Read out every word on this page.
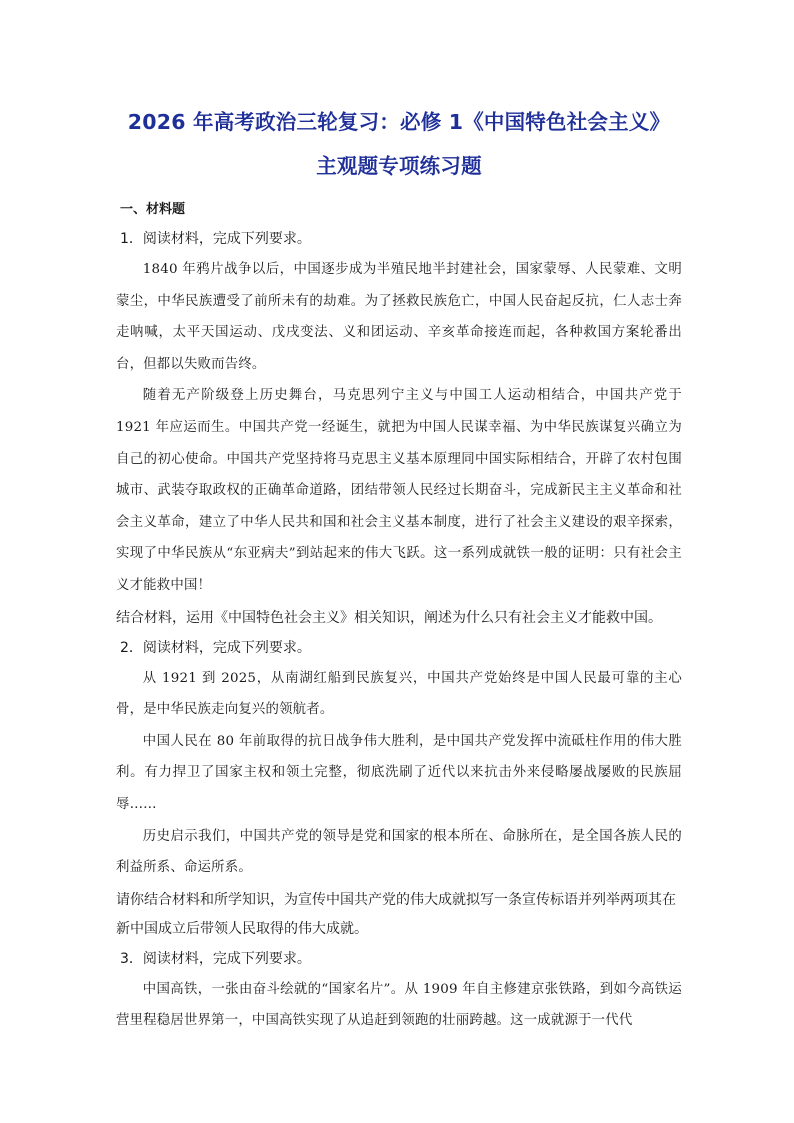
2026 年高考政治三轮复习：必修 1《中国特色社会主义》
主观题专项练习题
一、材料题
1．阅读材料，完成下列要求。

1840 年鸦片战争以后，中国逐步成为半殖民地半封建社会，国家蒙辱、人民蒙难、文明蒙尘，中华民族遭受了前所未有的劫难。为了拯救民族危亡，中国人民奋起反抗，仁人志士奔走呐喊，太平天国运动、戊戌变法、义和团运动、辛亥革命接连而起，各种救国方案轮番出台，但都以失败而告终。

随着无产阶级登上历史舞台，马克思列宁主义与中国工人运动相结合，中国共产党于 1921 年应运而生。中国共产党一经诞生，就把为中国人民谋幸福、为中华民族谋复兴确立为自己的初心使命。中国共产党坚持将马克思主义基本原理同中国实际相结合，开辟了农村包围城市、武装夺取政权的正确革命道路，团结带领人民经过长期奋斗，完成新民主主义革命和社会主义革命，建立了中华人民共和国和社会主义基本制度，进行了社会主义建设的艰辛探索，实现了中华民族从“东亚病夫”到站起来的伟大飞跃。这一系列成就铁一般的证明：只有社会主义才能救中国！

结合材料，运用《中国特色社会主义》相关知识，阐述为什么只有社会主义才能救中国。
2．阅读材料，完成下列要求。

从 1921 到 2025，从南湖红船到民族复兴，中国共产党始终是中国人民最可靠的主心骨，是中华民族走向复兴的领航者。

中国人民在 80 年前取得的抗日战争伟大胜利，是中国共产党发挥中流砥柱作用的伟大胜利。有力捍卫了国家主权和领土完整，彻底洗刷了近代以来抗击外来侵略屡战屡败的民族屈辱……

历史启示我们，中国共产党的领导是党和国家的根本所在、命脉所在，是全国各族人民的利益所系、命运所系。

请你结合材料和所学知识，为宣传中国共产党的伟大成就拟写一条宣传标语并列举两项其在新中国成立后带领人民取得的伟大成就。
3．阅读材料，完成下列要求。

中国高铁，一张由奋斗绘就的“国家名片”。从 1909 年自主修建京张铁路，到如今高铁运营里程稳居世界第一，中国高铁实现了从追赶到领跑的壮丽跨越。这一成就源于一代代
